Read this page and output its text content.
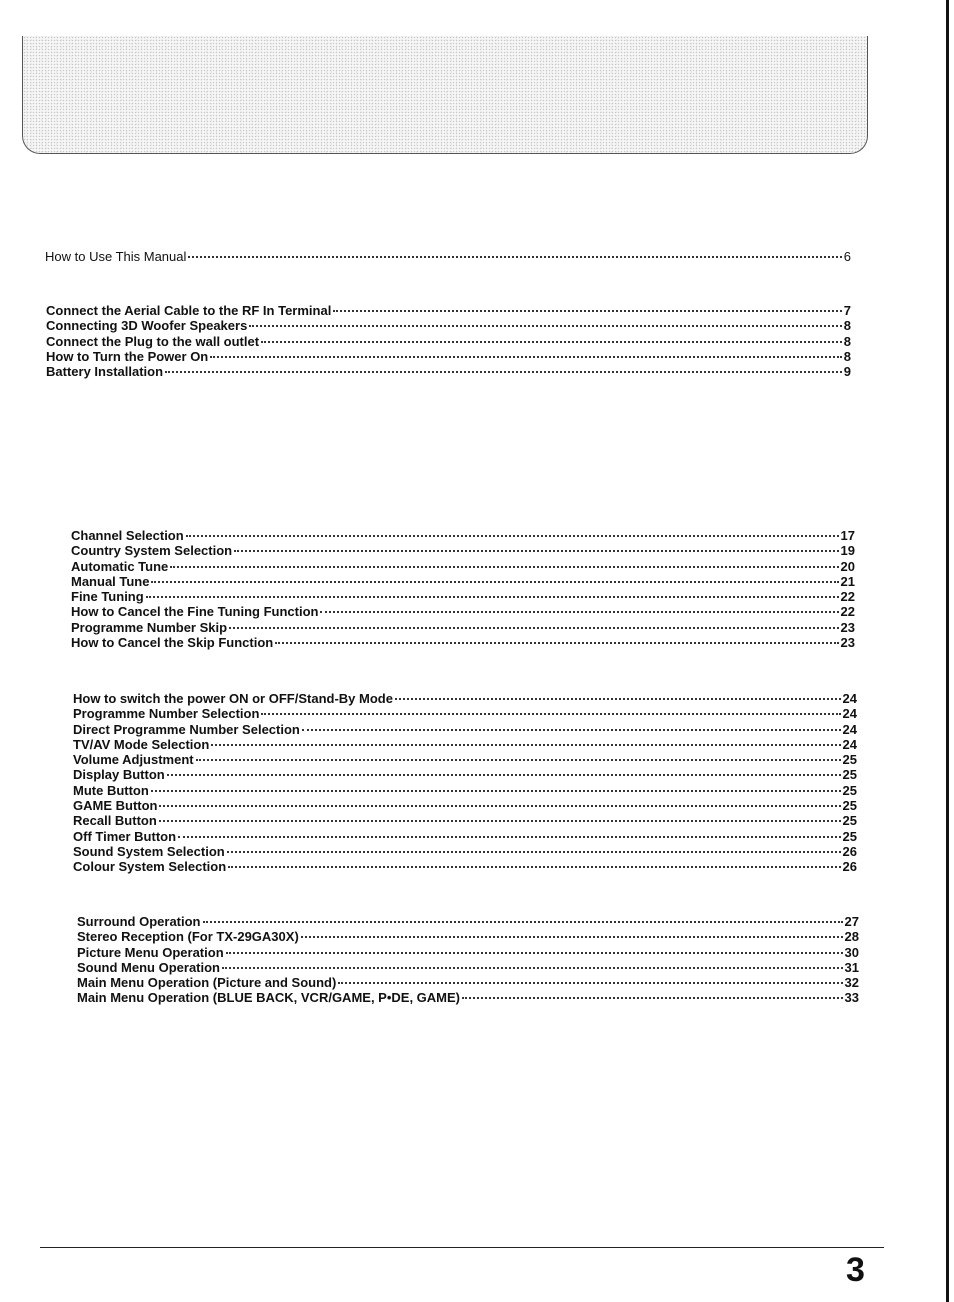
How to Use This Manual	6
Connect the Aerial Cable to the RF In Terminal	7
Connecting 3D Woofer Speakers	8
Connect the Plug to the wall outlet	8
How to Turn the Power On	8
Battery Installation	9
Channel Selection	17
Country System Selection	19
Automatic Tune	20
Manual Tune	21
Fine Tuning	22
How to Cancel the Fine Tuning Function	22
Programme Number Skip	23
How to Cancel the Skip Function	23
How to switch the power ON or OFF/Stand-By Mode	24
Programme Number Selection	24
Direct Programme Number Selection	24
TV/AV Mode Selection	24
Volume Adjustment	25
Display Button	25
Mute Button	25
GAME Button	25
Recall Button	25
Off Timer Button	25
Sound System Selection	26
Colour System Selection	26
Surround Operation	27
Stereo Reception (For TX-29GA30X)	28
Picture Menu Operation	30
Sound Menu Operation	31
Main Menu Operation (Picture and Sound)	32
Main Menu Operation (BLUE BACK, VCR/GAME, P•DE, GAME)	33
3
